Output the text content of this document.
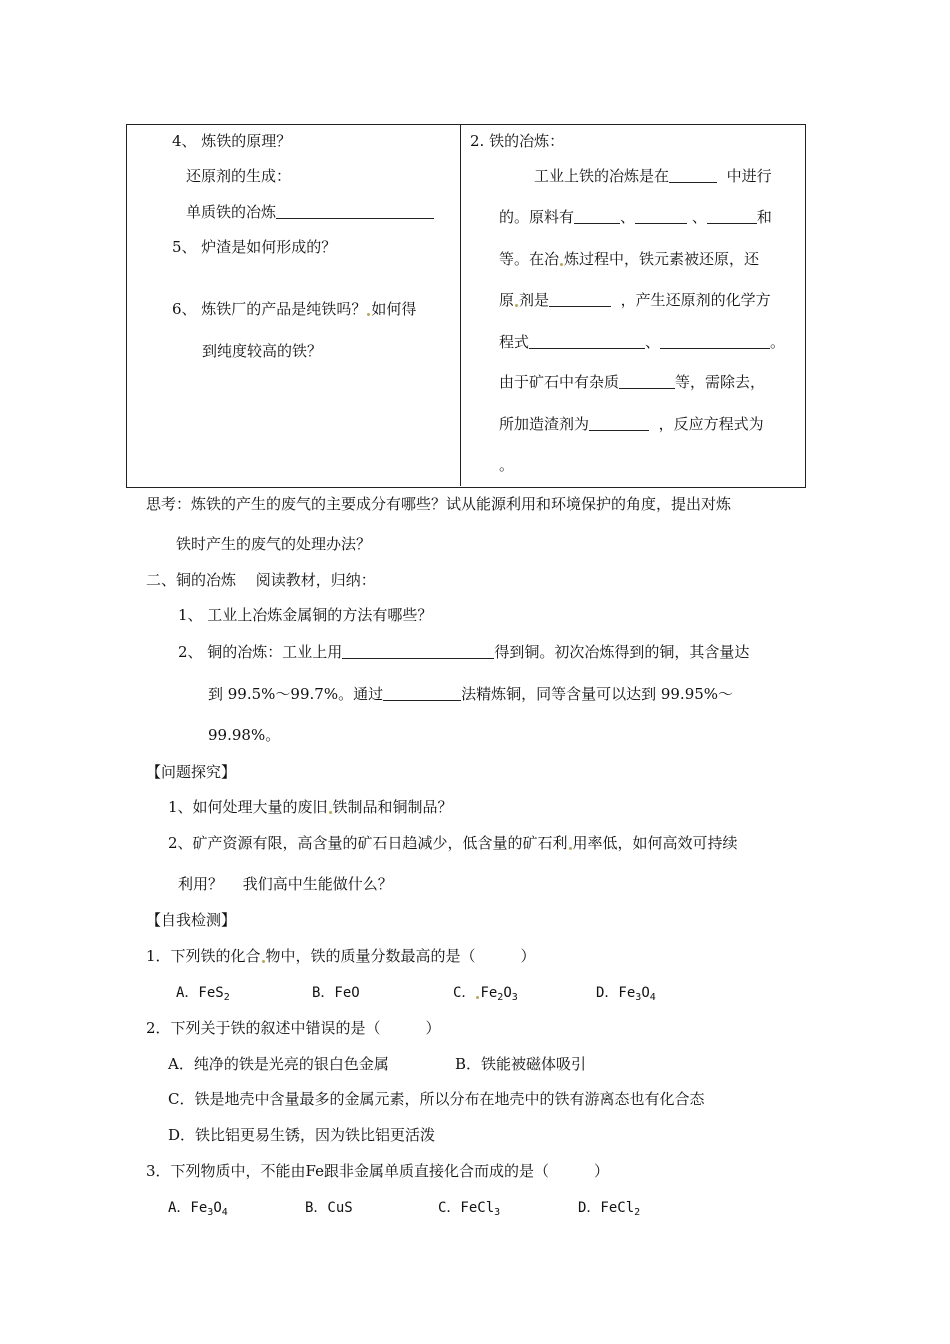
4、 炼铁的原理？
还原剂的生成：
单质铁的冶炼
5、 炉渣是如何形成的？
6、 炼铁厂的产品是纯铁吗？ 如何得
到纯度较高的铁？
2. 铁的冶炼：
工业上铁的冶炼是在	中进行
的。原料有	、	、	和
等。在冶 炼过程中，铁元素被还原，还
原 剂是	，产生还原剂的化学方
程式	、	。
由于矿石中有杂质	等，需除去，
所加造渣剂为	，反应方程式为
。
思考：炼铁的产生的废气的主要成分有哪些？试从能源利用和环境保护的角度，提出对炼
铁时产生的废气的处理办法？
二、铜的冶炼　 阅读教材，归纳：
1、 工业上冶炼金属铜的方法有哪些？
2、 铜的冶炼：工业上用	得到铜。初次冶炼得到的铜，其含量达
到 99.5%～99.7%。通过	法精炼铜，同等含量可以达到 99.95%～
99.98%。
【问题探究】
1、如何处理大量的废旧 铁制品和铜制品？
2、矿产资源有限，高含量的矿石日趋减少，低含量的矿石利 用率低，如何高效可持续
利用？　 我们高中生能做什么？
【自我检测】
1．下列铁的化合 物中，铁的质量分数最高的是（　　　）
A．FeS$_2$	B．FeO	C． $Fe_2O_3$	D．$Fe_3O_4$
2．下列关于铁的叙述中错误的是（　　　）
A．纯净的铁是光亮的银白色金属	B．铁能被磁体吸引
C．铁是地壳中含量最多的金属元素，所以分布在地壳中的铁有游离态也有化合态
D．铁比铝更易生锈，因为铁比铝更活泼
3．下列物质中，不能由Fe跟非金属单质直接化合而成的是（　　　）
A．$Fe_3O_4$	B．CuS	C．FeCl$_3$	D．FeCl$_2$
